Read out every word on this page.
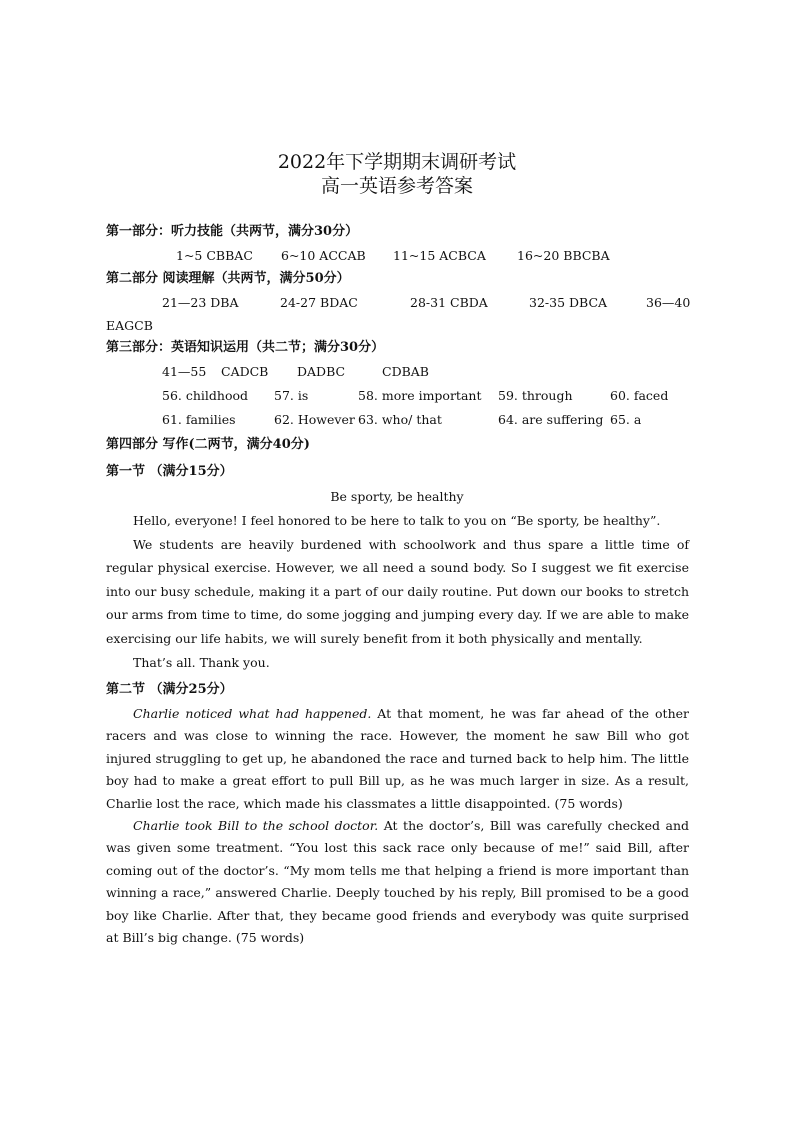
2022年下学期期末调研考试
高一英语参考答案
第一部分：听力技能（共两节，满分30分）
1~5 CBBAC 6~10 ACCAB 11~15 ACBCA 16~20 BBCBA
第二部分 阅读理解（共两节，满分50分）
21—23 DBA	24-27 BDAC	28-31 CBDA	32-35 DBCA	36—40
EAGCB
第三部分：英语知识运用（共二节；满分30分）
41—55 CADCB DADBC	CDBAB
56. childhood 57. is	58. more important 59. through	60. faced
61. families	62. However 63. who/ that	64. are suffering 65. a
第四部分 写作(二两节，满分40分)
第一节 （满分15分）
Be sporty, be healthy

Hello, everyone! I feel honored to be here to talk to you on “Be sporty, be healthy”.

We students are heavily burdened with schoolwork and thus spare a little time of regular physical exercise. However, we all need a sound body. So I suggest we fit exercise into our busy schedule, making it a part of our daily routine. Put down our books to stretch our arms from time to time, do some jogging and jumping every day. If we are able to make exercising our life habits, we will surely benefit from it both physically and mentally.

That’s all. Thank you.

第二节 （满分25分）

Charlie noticed what had happened. At that moment, he was far ahead of the other racers and was close to winning the race. However, the moment he saw Bill who got injured struggling to get up, he abandoned the race and turned back to help him. The little boy had to make a great effort to pull Bill up, as he was much larger in size. As a result, Charlie lost the race, which made his classmates a little disappointed. (75 words)

Charlie took Bill to the school doctor. At the doctor’s, Bill was carefully checked and was given some treatment. “You lost this sack race only because of me!” said Bill, after coming out of the doctor’s. “My mom tells me that helping a friend is more important than winning a race,” answered Charlie. Deeply touched by his reply, Bill promised to be a good boy like Charlie. After that, they became good friends and everybody was quite surprised at Bill’s big change. (75 words)
